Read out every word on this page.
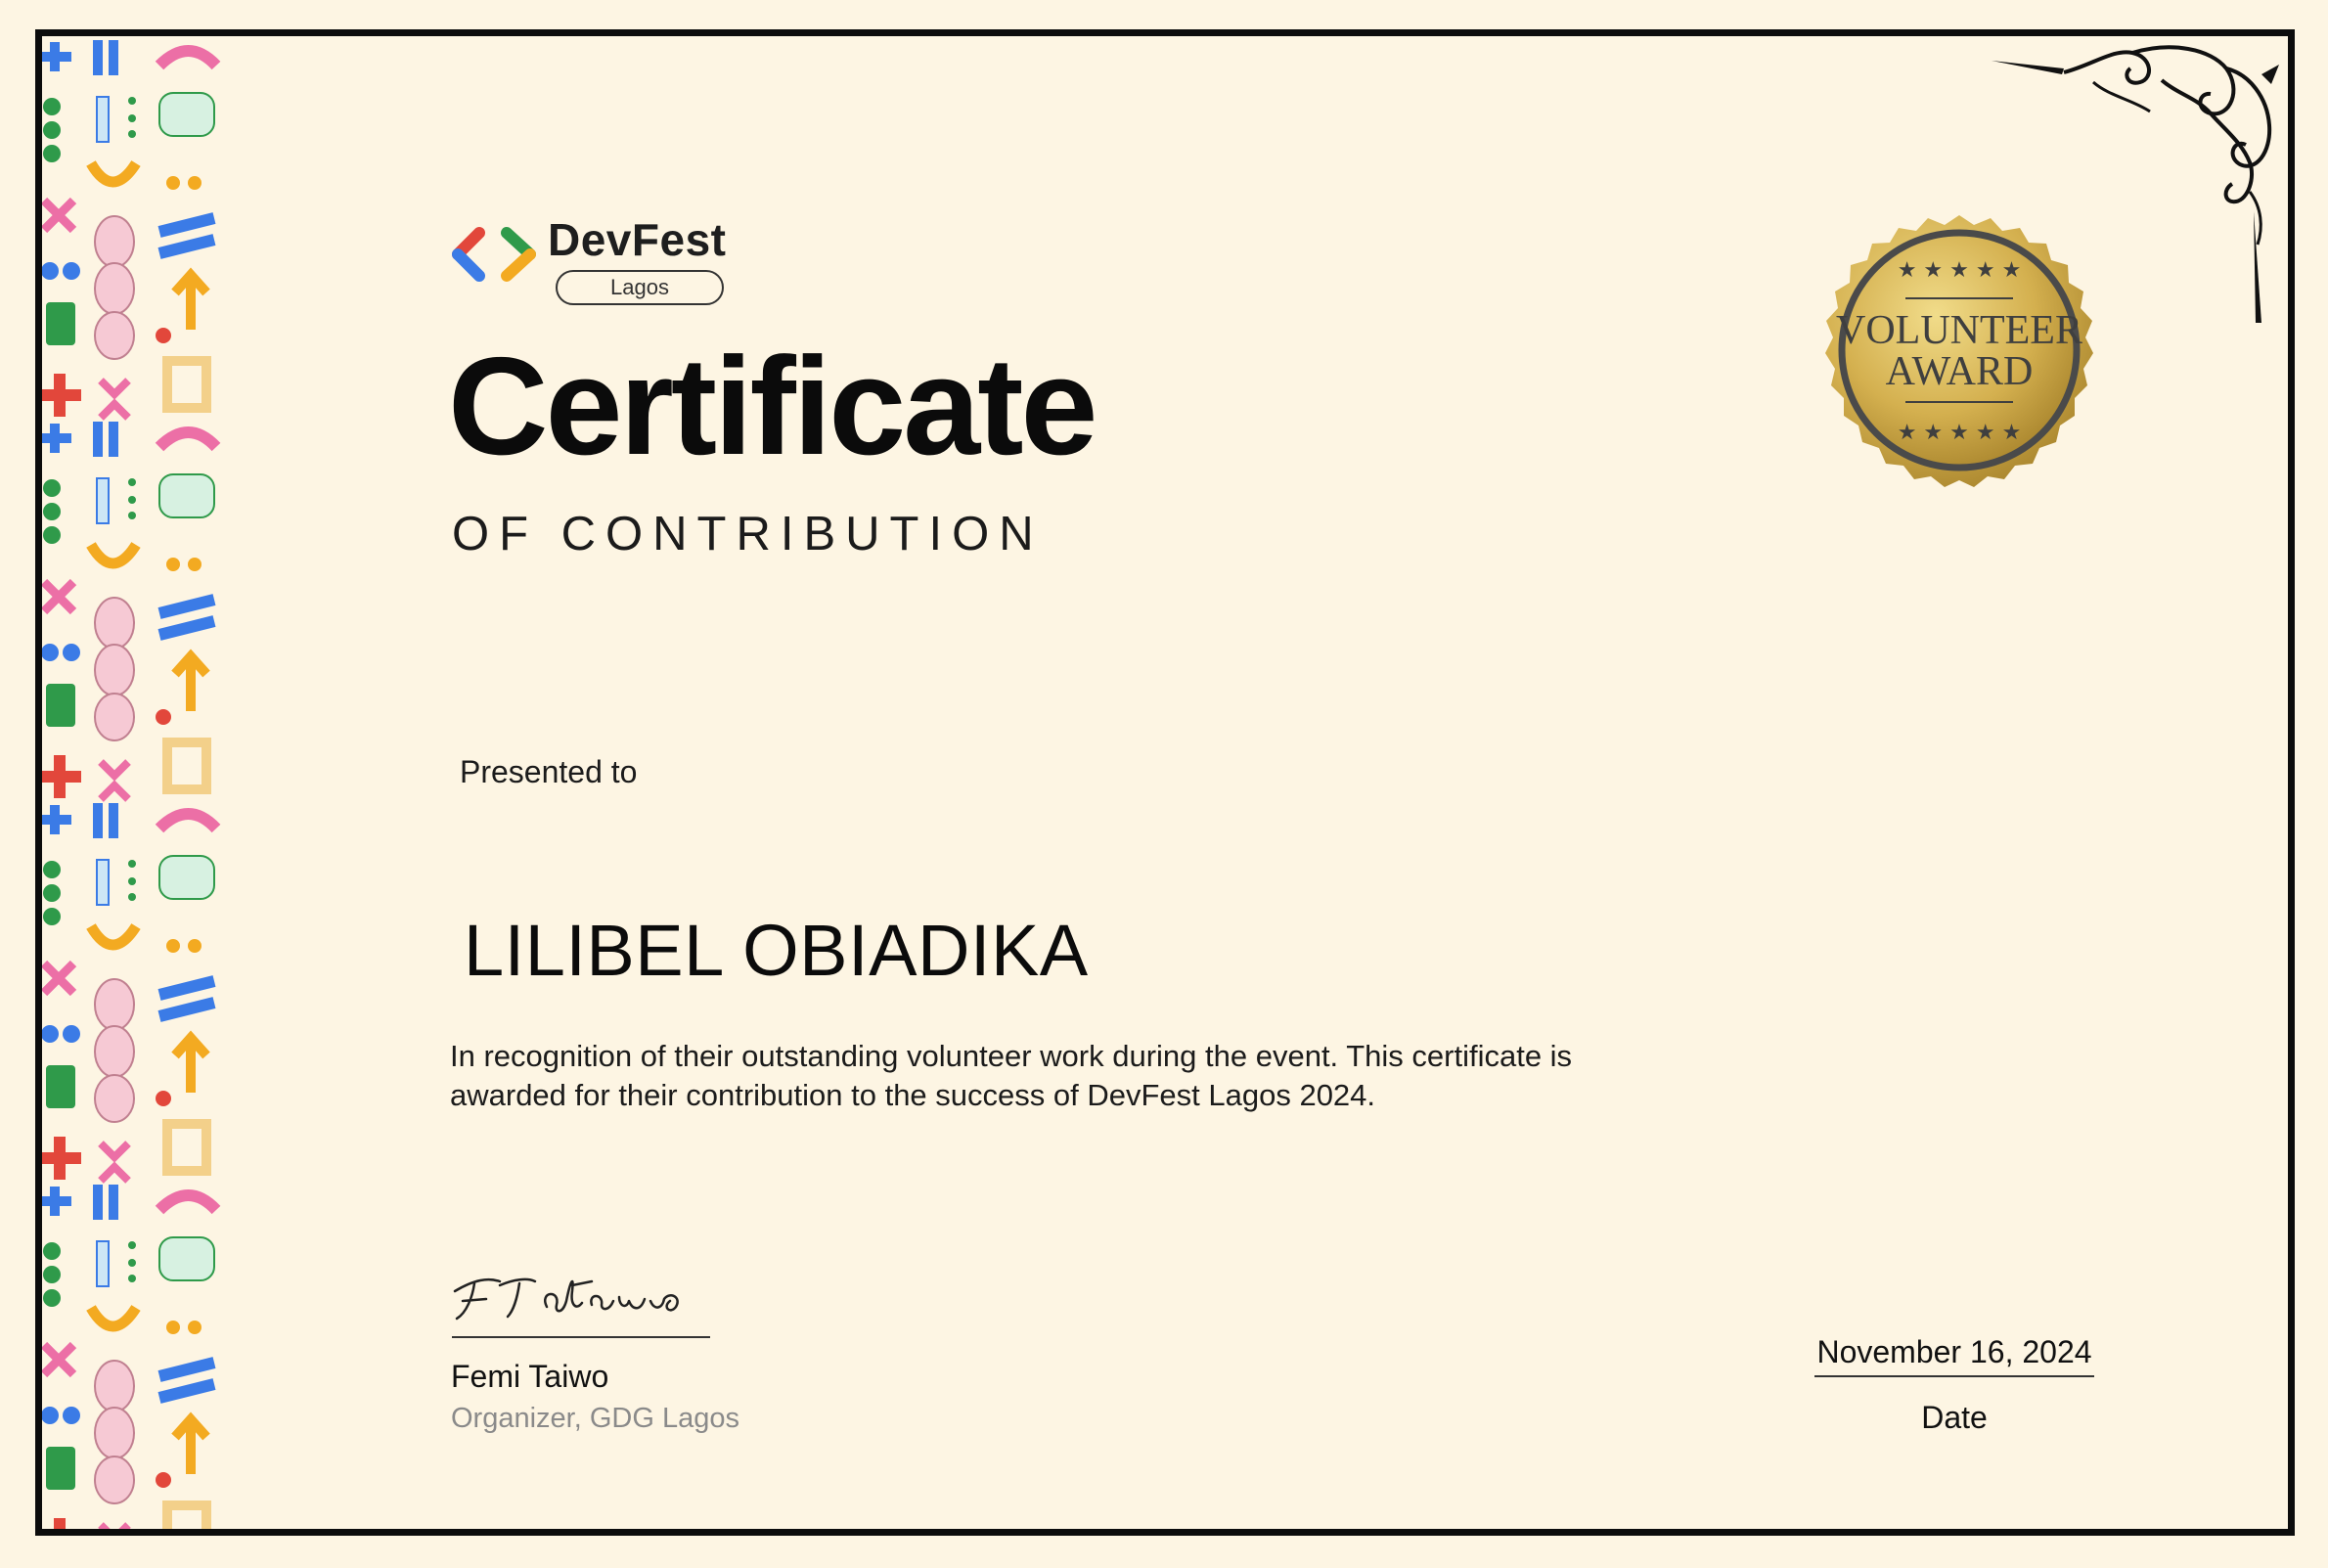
DevFest
Lagos
Certificate
OF CONTRIBUTION
Presented to
LILIBEL OBIADIKA
In recognition of their outstanding volunteer work during the event. This certificate is awarded for their contribution to the success of DevFest Lagos 2024.
★ ★ ★ ★ ★
VOLUNTEER
AWARD
★ ★ ★ ★ ★
Femi Taiwo
Organizer, GDG Lagos
November 16, 2024
Date
